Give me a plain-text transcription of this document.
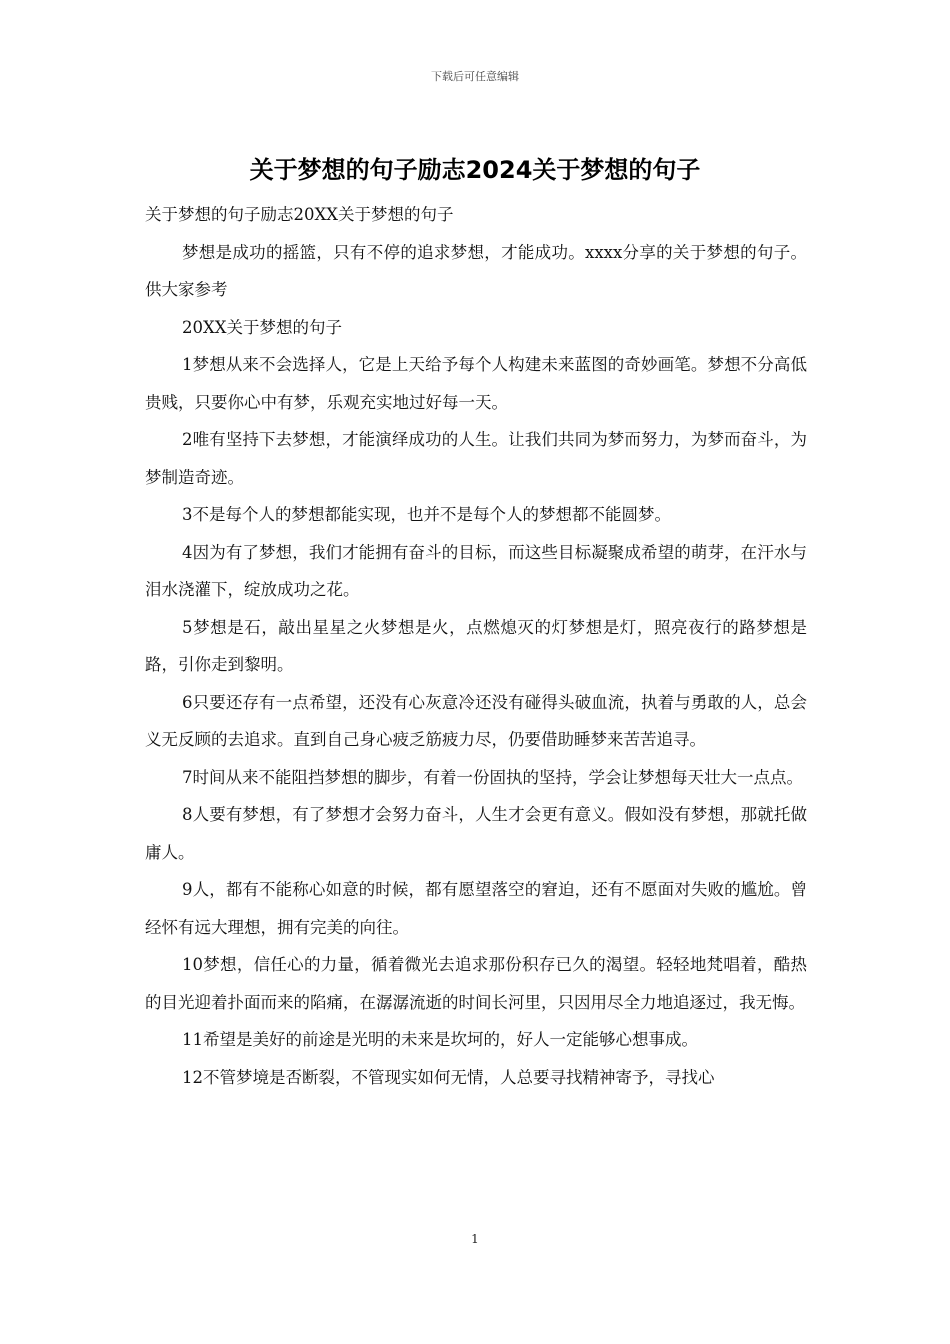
下载后可任意编辑
关于梦想的句子励志2024关于梦想的句子

关于梦想的句子励志20XX关于梦想的句子

梦想是成功的摇篮，只有不停的追求梦想，才能成功。xxxx分享的关于梦想的句子。供大家参考

20XX关于梦想的句子

1梦想从来不会选择人，它是上天给予每个人构建未来蓝图的奇妙画笔。梦想不分高低贵贱，只要你心中有梦，乐观充实地过好每一天。

2唯有坚持下去梦想，才能演绎成功的人生。让我们共同为梦而努力，为梦而奋斗，为梦制造奇迹。

3不是每个人的梦想都能实现，也并不是每个人的梦想都不能圆梦。

4因为有了梦想，我们才能拥有奋斗的目标，而这些目标凝聚成希望的萌芽，在汗水与泪水浇灌下，绽放成功之花。

5梦想是石，敲出星星之火梦想是火，点燃熄灭的灯梦想是灯，照亮夜行的路梦想是路，引你走到黎明。

6只要还存有一点希望，还没有心灰意冷还没有碰得头破血流，执着与勇敢的人，总会义无反顾的去追求。直到自己身心疲乏筋疲力尽，仍要借助睡梦来苦苦追寻。

7时间从来不能阻挡梦想的脚步，有着一份固执的坚持，学会让梦想每天壮大一点点。

8人要有梦想，有了梦想才会努力奋斗，人生才会更有意义。假如没有梦想，那就托做庸人。

9人，都有不能称心如意的时候，都有愿望落空的窘迫，还有不愿面对失败的尴尬。曾经怀有远大理想，拥有完美的向往。

10梦想，信任心的力量，循着微光去追求那份积存已久的渴望。轻轻地梵唱着，酷热的目光迎着扑面而来的陷痛，在潺潺流逝的时间长河里，只因用尽全力地追逐过，我无悔。

11希望是美好的前途是光明的未来是坎坷的，好人一定能够心想事成。

12不管梦境是否断裂，不管现实如何无情，人总要寻找精神寄予，寻找心

1
